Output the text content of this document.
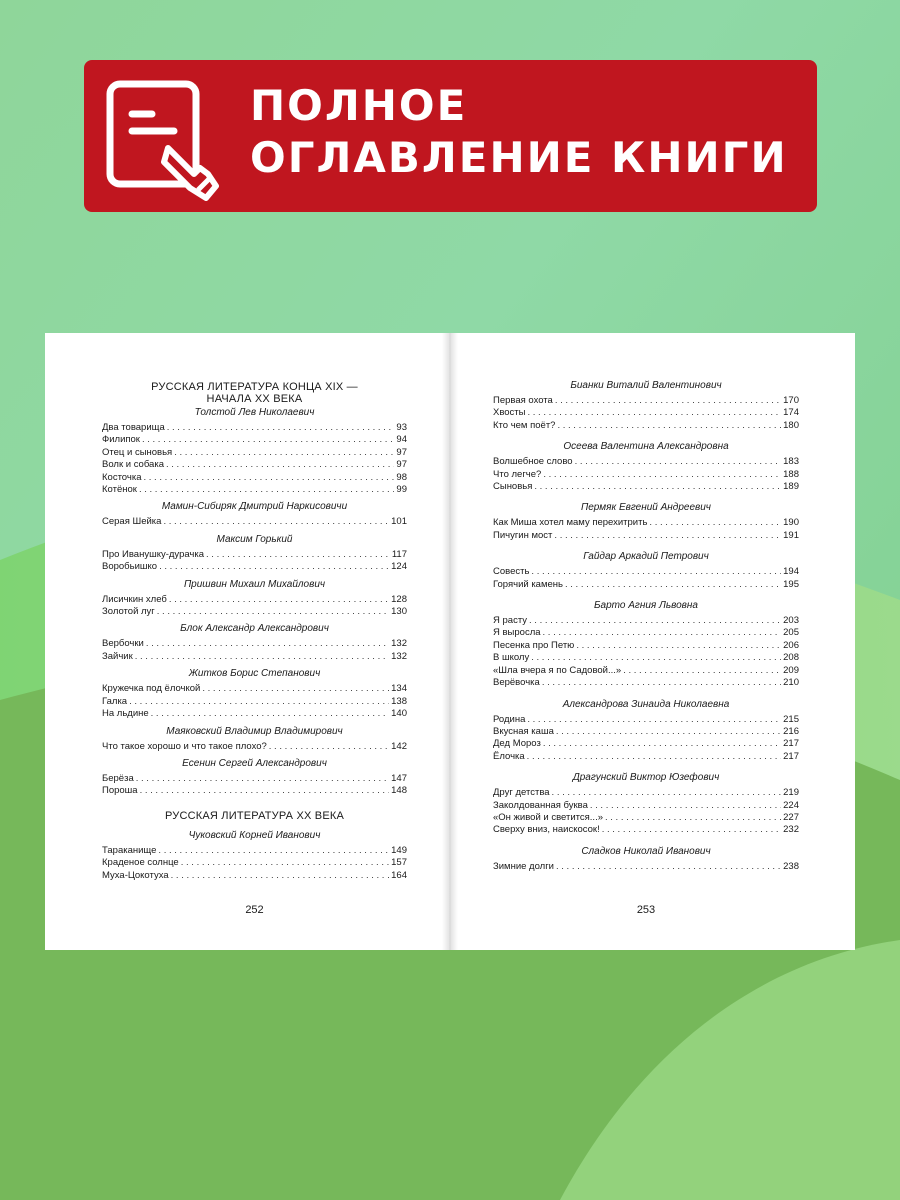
ПОЛНОЕ
ОГЛАВЛЕНИЕ КНИГИ
РУССКАЯ ЛИТЕРАТУРА КОНЦА XIX —
НАЧАЛА XX ВЕКА
Толстой Лев Николаевич
Два товарища . . .	93
Филипок . . .	94
Отец и сыновья . . .	97
Волк и собака . . .	97
Косточка . . .	98
Котёнок . . .	99
Мамин-Сибиряк Дмитрий Наркисовичи
Серая Шейка . . .	101
Максим Горький
Про Иванушку-дурачка . . .	117
Воробьишко . . .	124
Пришвин Михаил Михайлович
Лисичкин хлеб . . .	128
Золотой луг . . .	130
Блок Александр Александрович
Вербочки . . .	132
Зайчик . . .	132
Житков Борис Степанович
Кружечка под ёлочкой . . .	134
Галка . . .	138
На льдине . . .	140
Маяковский Владимир Владимирович
Что такое хорошо и что такое плохо? . . .	142
Есенин Сергей Александрович
Берёза . . .	147
Пороша . . .	148
РУССКАЯ ЛИТЕРАТУРА XX ВЕКА
Чуковский Корней Иванович
Тараканище . . .	149
Краденое солнце . . .	157
Муха-Цокотуха . . .	164
252
Бианки Виталий Валентинович
Первая охота . . .	170
Хвосты . . .	174
Кто чем поёт? . . .	180
Осеева Валентина Александровна
Волшебное слово . . .	183
Что легче? . . .	188
Сыновья . . .	189
Пермяк Евгений Андреевич
Как Миша хотел маму перехитрить . . .	190
Пичугин мост . . .	191
Гайдар Аркадий Петрович
Совесть . . .	194
Горячий камень . . .	195
Барто Агния Львовна
Я расту . . .	203
Я выросла . . .	205
Песенка про Петю . . .	206
В школу . . .	208
«Шла вчера я по Садовой...» . . .	209
Верёвочка . . .	210
Александрова Зинаида Николаевна
Родина . . .	215
Вкусная каша . . .	216
Дед Мороз . . .	217
Ёлочка . . .	217
Драгунский Виктор Юзефович
Друг детства . . .	219
Заколдованная буква . . .	224
«Он живой и светится...» . . .	227
Сверху вниз, наискосок! . . .	232
Сладков Николай Иванович
Зимние долги . . .	238
253
